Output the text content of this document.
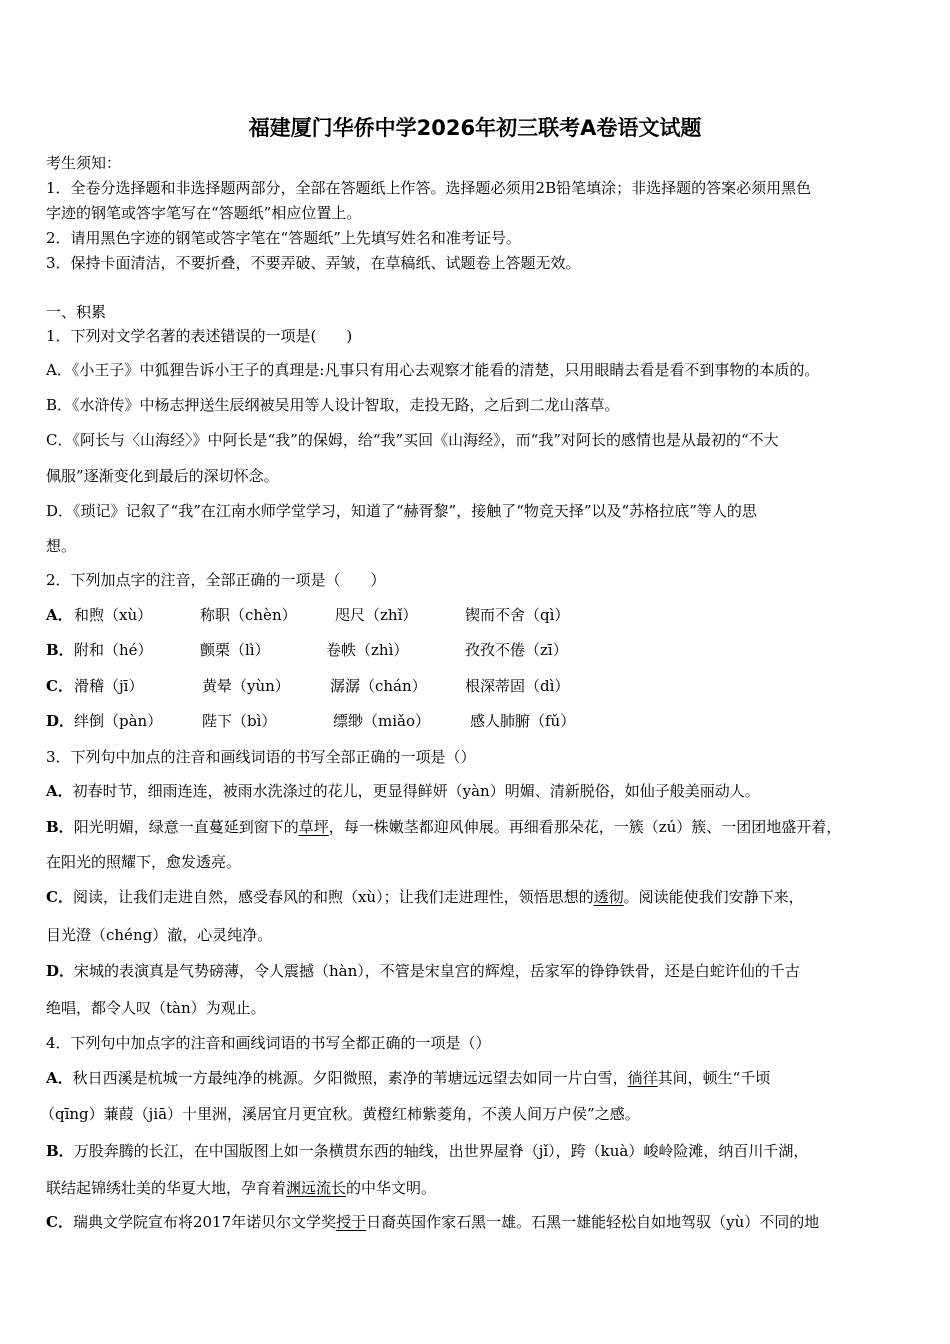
福建厦门华侨中学2026年初三联考A卷语文试题
考生须知：
1．全卷分选择题和非选择题两部分，全部在答题纸上作答。选择题必须用2B铅笔填涂；非选择题的答案必须用黑色
字迹的钢笔或答字笔写在“答题纸”相应位置上。
2．请用黑色字迹的钢笔或答字笔在“答题纸”上先填写姓名和准考证号。
3．保持卡面清洁，不要折叠，不要弄破、弄皱，在草稿纸、试题卷上答题无效。
一、积累
1．下列对文学名著的表述错误的一项是(　　)
A．《小王子》中狐狸告诉小王子的真理是:凡事只有用心去观察才能看的清楚，只用眼睛去看是看不到事物的本质的。
B．《水浒传》中杨志押送生辰纲被吴用等人设计智取，走投无路，之后到二龙山落草。
C．《阿长与〈山海经〉》中阿长是“我”的保姆，给“我”买回《山海经》，而“我”对阿长的感情也是从最初的“不大
佩服”逐渐变化到最后的深切怀念。
D．《琐记》记叙了“我”在江南水师学堂学习，知道了“赫胥黎”，接触了“物竞天择”以及“苏格拉底”等人的思
想。
2．下列加点字的注音，全部正确的一项是（　　）
A． 和煦（xù）	称职（chèn）	咫尺（zhǐ）	锲而不舍（qì）
B． 附和（hé）	颤栗（lì）	卷帙（zhì）	孜孜不倦（zī）
C． 滑稽（jī）	黄晕（yùn）	潺潺（chán）	根深蒂固（dì）
D． 绊倒（pàn）	陛下（bì）	缥缈（miǎo）	感人肺腑（fǔ）
3．下列句中加点的注音和画线词语的书写全部正确的一项是（）
A．初春时节，细雨连连，被雨水洗涤过的花儿，更显得鲜妍（yàn）明媚、清新脱俗，如仙子般美丽动人。
B．阳光明媚，绿意一直蔓延到窗下的草坪，每一株嫩茎都迎风伸展。再细看那朵花，一簇（zú）簇、一团团地盛开着，
在阳光的照耀下，愈发透亮。
C．阅读，让我们走进自然，感受春风的和煦（xù）；让我们走进理性，领悟思想的透彻。阅读能使我们安静下来，
目光澄（chéng）澈，心灵纯净。
D．宋城的表演真是气势磅薄，令人震撼（hàn），不管是宋皇宫的辉煌，岳家军的铮铮铁骨，还是白蛇许仙的千古
绝唱，都令人叹（tàn）为观止。
4．下列句中加点字的注音和画线词语的书写全都正确的一项是（）
A．秋日西溪是杭城一方最纯净的桃源。夕阳微照，素净的苇塘远远望去如同一片白雪，徜徉其间，顿生“千顷
（qīng）蒹葭（jiā）十里洲，溪居宜月更宜秋。黄橙红柿紫菱角，不羡人间万户侯”之感。
B．万股奔腾的长江，在中国版图上如一条横贯东西的轴线，出世界屋脊（jǐ），跨（kuà）峻岭险滩，纳百川千湖，
联结起锦绣壮美的华夏大地，孕育着渊远流长的中华文明。
C．瑞典文学院宣布将2017年诺贝尔文学奖授于日裔英国作家石黑一雄。石黑一雄能轻松自如地驾驭（yù）不同的地
